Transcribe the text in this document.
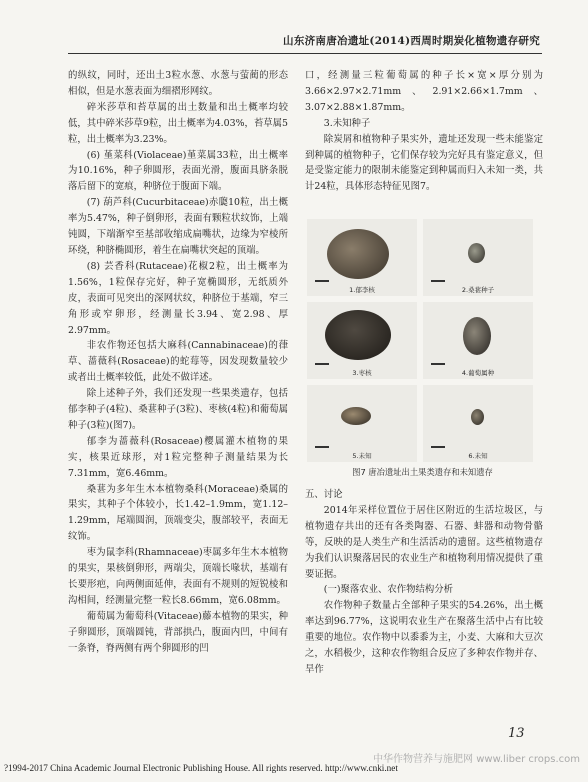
山东济南唐冶遗址(2014)西周时期炭化植物遗存研究

的纵纹，同时，还出土3粒水葱、水葱与萤蔺的形态相似，但是水葱表面为细褶形网纹。

碎米莎草和苔草属的出土数量和出土概率均较低，其中碎米莎草9粒，出土概率为4.03%，苔草属5粒，出土概率为3.23%。

(6) 堇菜科(Violaceae)堇菜属33粒，出土概率为10.16%，种子卵圆形，表面光滑，腹面具脐条脱落后留下的宽痕，种脐位于腹面下端。

(7) 葫芦科(Cucurbitaceae)赤瓟10粒，出土概率为5.47%，种子倒卵形，表面有颗粒状纹饰，上端钝圆，下端渐窄至基部收缩成扁嘴状，边缘为窄棱所环绕，种脐椭圆形，着生在扁嘴状突起的顶端。

(8) 芸香科(Rutaceae)花椒2粒，出土概率为1.56%，1粒保存完好，种子宽椭圆形，无纸质外皮，表面可见突出的深网状纹，种脐位于基端，窄三角形或窄卵形，经测量长3.94、宽2.98、厚2.97mm。

非农作物还包括大麻科(Cannabinaceae)的葎草、蔷薇科(Rosaceae)的蛇莓等，因发现数量较少或者出土概率较低，此处不做详述。

除上述种子外，我们还发现一些果类遗存，包括郁李种子(4粒)、桑葚种子(3粒)、枣核(4粒)和葡萄属种子(3粒)(图7)。

郁李为蔷薇科(Rosaceae)樱属灌木植物的果实，核果近球形，对1粒完整种子测量结果为长7.31mm，宽6.46mm。

桑葚为多年生木本植物桑科(Moraceae)桑属的果实，其种子个体较小，长1.42–1.9mm，宽1.12–1.29mm，尾端圆润，顶端变尖，腹部较平，表面无纹饰。

枣为鼠李科(Rhamnaceae)枣属多年生木本植物的果实，果核倒卵形，两端尖，顶端长喙状，基端有长要形疤，向两侧面延伸，表面有不规则的短锐棱和沟相间，经测量完整一粒长8.66mm，宽6.08mm。

葡萄属为葡萄科(Vitaceae)藤本植物的果实，种子卵圆形，顶端圆钝，背部拱凸，腹面内凹，中间有一条脊，脊两侧有两个卵圆形的凹

口，经测量三粒葡萄属的种子长×宽×厚分别为3.66×2.97×2.71mm、2.91×2.66×1.7mm、3.07×2.88×1.87mm。

3.未知种子

除炭屑和植物种子果实外，遗址还发现一些未能鉴定到种属的植物种子，它们保存较为完好具有鉴定意义，但是受鉴定能力的限制未能鉴定到种属而归入未知一类，共计24粒，具体形态特征见图7。

1.郁李核	2.桑葚种子
3.枣核	4.葡萄属种
5.未知	6.未知
图7 唐冶遗址出土果类遗存和未知遗存

五、讨论

2014年采样位置位于居住区附近的生活垃圾区，与植物遗存共出的还有各类陶器、石器、蚌器和动物骨骼等，反映的是人类生产和生活活动的遗留。这些植物遗存为我们认识聚落居民的农业生产和植物利用情况提供了重要证据。

(一)聚落农业、农作物结构分析

农作物种子数量占全部种子果实的54.26%，出土概率达到96.77%，这说明农业生产在聚落生活中占有比较重要的地位。农作物中以黍黍为主，小麦、大麻和大豆次之，水稻极少，这种农作物组合反应了多种农作物并存、旱作

13
?1994-2017 China Academic Journal Electronic Publishing House. All rights reserved. http://www.cnki.net
中华作物营养与施肥网 www.liber crops.com
